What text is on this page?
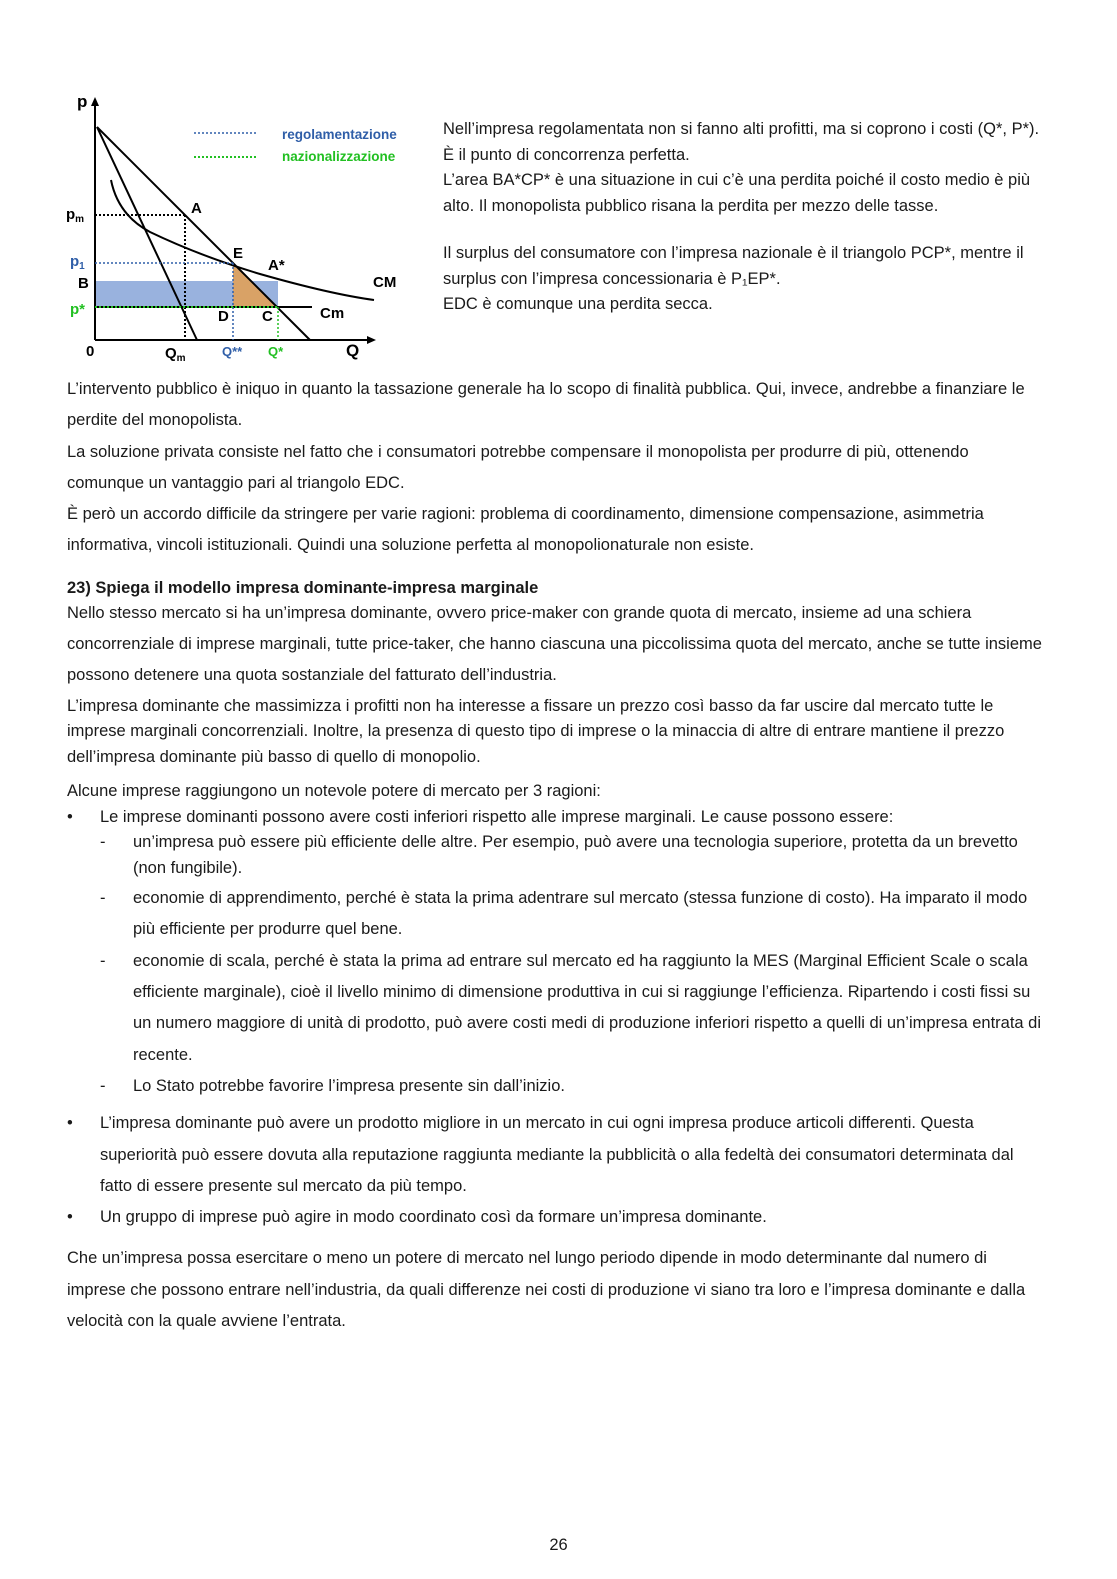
regolamentazione
nazionalizzazione
p
Q
0
$p_m$
$p_1$
B
p*
$Q_m$	Q** Q*
A
E
A*
D C
CM
Cm

Nell’impresa regolamentata non si fanno alti profitti, ma si coprono i costi (Q*, P*). È il punto di concorrenza perfetta.

L’area BA*CP* è una situazione in cui c’è una perdita poiché il costo medio è più alto. Il monopolista pubblico risana la perdita per mezzo delle tasse.

Il surplus del consumatore con l’impresa nazionale è il triangolo PCP*, mentre il surplus con l’impresa concessionaria è P₁EP*.

EDC è comunque una perdita secca.

L’intervento pubblico è iniquo in quanto la tassazione generale ha lo scopo di finalità pubblica. Qui, invece, andrebbe a finanziare le perdite del monopolista.

La soluzione privata consiste nel fatto che i consumatori potrebbe compensare il monopolista per produrre di più, ottenendo comunque un vantaggio pari al triangolo EDC.

È però un accordo difficile da stringere per varie ragioni: problema di coordinamento, dimensione compensazione, asimmetria informativa, vincoli istituzionali. Quindi una soluzione perfetta al monopolionaturale non esiste.

23) Spiega il modello impresa dominante-impresa marginale

Nello stesso mercato si ha un’impresa dominante, ovvero price-maker con grande quota di mercato, insieme ad una schiera concorrenziale di imprese marginali, tutte price-taker, che hanno ciascuna una piccolissima quota del mercato, anche se tutte insieme possono detenere una quota sostanziale del fatturato dell’industria.

L’impresa dominante che massimizza i profitti non ha interesse a fissare un prezzo così basso da far uscire dal mercato tutte le imprese marginali concorrenziali. Inoltre, la presenza di questo tipo di imprese o la minaccia di altre di entrare mantiene il prezzo dell’impresa dominante più basso di quello di monopolio.

Alcune imprese raggiungono un notevole potere di mercato per 3 ragioni:

• Le imprese dominanti possono avere costi inferiori rispetto alle imprese marginali. Le cause possono essere:
- un’impresa può essere più efficiente delle altre. Per esempio, può avere una tecnologia superiore, protetta da un brevetto (non fungibile).
- economie di apprendimento, perché è stata la prima adentrare sul mercato (stessa funzione di costo). Ha imparato il modo più efficiente per produrre quel bene.
- economie di scala, perché è stata la prima ad entrare sul mercato ed ha raggiunto la MES (Marginal Efficient Scale o scala efficiente marginale), cioè il livello minimo di dimensione produttiva in cui si raggiunge l’efficienza. Ripartendo i costi fissi su un numero maggiore di unità di prodotto, può avere costi medi di produzione inferiori rispetto a quelli di un’impresa entrata di recente.
- Lo Stato potrebbe favorire l’impresa presente sin dall’inizio.
• L’impresa dominante può avere un prodotto migliore in un mercato in cui ogni impresa produce articoli differenti. Questa superiorità può essere dovuta alla reputazione raggiunta mediante la pubblicità o alla fedeltà dei consumatori determinata dal fatto di essere presente sul mercato da più tempo.
• Un gruppo di imprese può agire in modo coordinato così da formare un’impresa dominante.

Che un’impresa possa esercitare o meno un potere di mercato nel lungo periodo dipende in modo determinante dal numero di imprese che possono entrare nell’industria, da quali differenze nei costi di produzione vi siano tra loro e l’impresa dominante e dalla velocità con la quale avviene l’entrata.

26
